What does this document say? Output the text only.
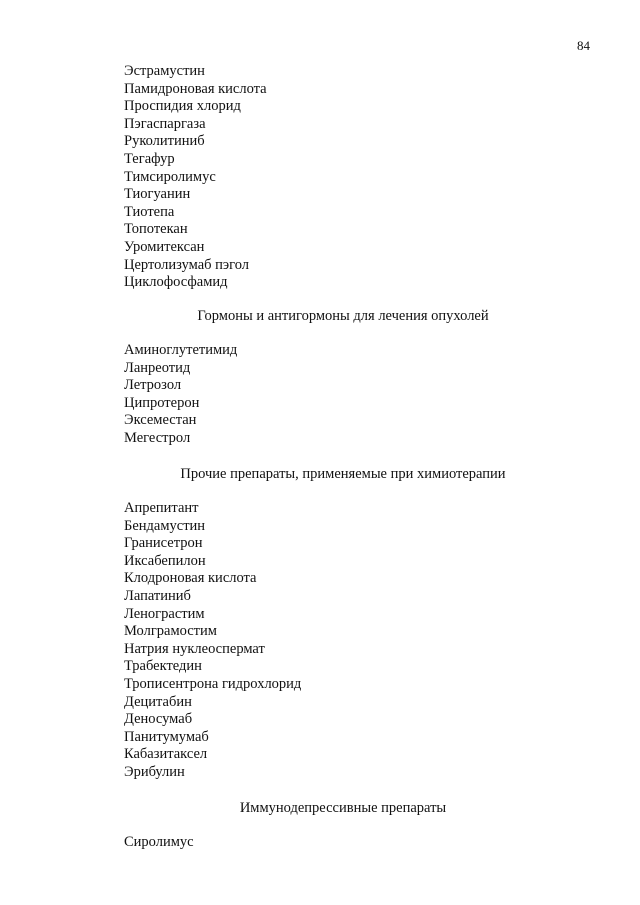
84
Эстрамустин
Памидроновая кислота
Проспидия хлорид
Пэгаспаргаза
Руколитиниб
Тегафур
Тимсиролимус
Тиогуанин
Тиотепа
Топотекан
Уромитексан
Цертолизумаб пэгол
Циклофосфамид
Гормоны и антигормоны для лечения опухолей
Аминоглутетимид
Ланреотид
Летрозол
Ципротерон
Эксеместан
Мегестрол
Прочие препараты, применяемые при химиотерапии
Апрепитант
Бендамустин
Гранисетрон
Иксабепилон
Клодроновая кислота
Лапатиниб
Ленограстим
Молграмостим
Натрия нуклеоспермат
Трабектедин
Трописентрона гидрохлорид
Децитабин
Деносумаб
Панитумумаб
Кабазитаксел
Эрибулин
Иммунодепрессивные препараты
Сиролимус
